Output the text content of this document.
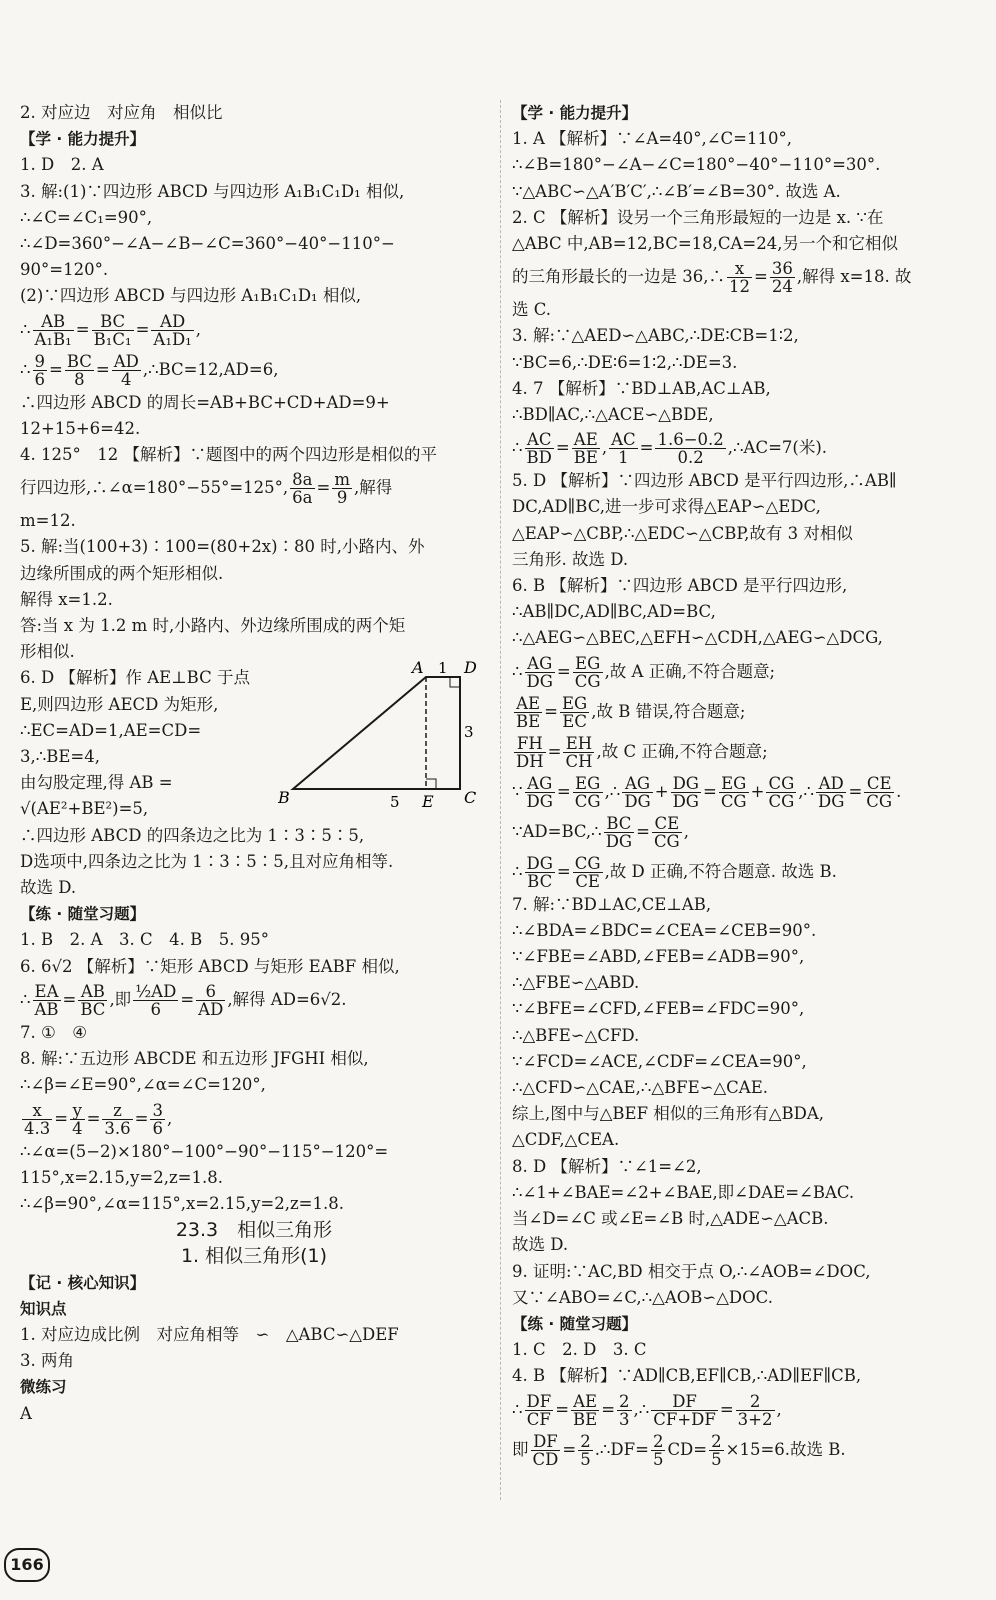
2. 对应边　对应角　相似比
【学 · 能力提升】
1. D　2. A
3. 解:(1)∵四边形 ABCD 与四边形 A₁B₁C₁D₁ 相似,
∴∠C=∠C₁=90°,
∴∠D=360°−∠A−∠B−∠C=360°−40°−110°−
90°=120°.
(2)∵四边形 ABCD 与四边形 A₁B₁C₁D₁ 相似,
∴ $\frac{AB}{\text{A₁B₁}} = \frac{BC}{\text{B₁C₁}} = \frac{AD}{\text{A₁D₁}}$ ,
∴ $\frac{9}{6} = \frac{BC}{8} = \frac{AD}{4}$ ,∴BC=12,AD=6,
∴四边形 ABCD 的周长=AB+BC+CD+AD=9+
12+15+6=42.
4. 125°　12 【解析】∵题图中的两个四边形是相似的平
行四边形,∴∠α=180°−55°=125°, $\frac{8a}{6a} = \frac{m}{9}$ ,解得
m=12.
5. 解:当(100+3)∶100=(80+2x)∶80 时,小路内、外
边缘所围成的两个矩形相似.
解得 x=1.2.
答:当 x 为 1.2 m 时,小路内、外边缘所围成的两个矩
形相似.
6. D 【解析】作 AE⊥BC 于点
E,则四边形 AECD 为矩形,
∴EC=AD=1,AE=CD=
3,∴BE=4,
由勾股定理,得 AB =
√(AE²+BE²)=5,
A 1 D
3
B	5 E C
∴四边形 ABCD 的四条边之比为 1∶3∶5∶5,
D选项中,四条边之比为 1∶3∶5∶5,且对应角相等.
故选 D.
【练 · 随堂习题】
1. B　2. A　3. C　4. B　5. 95°
6. 6√2 【解析】∵矩形 ABCD 与矩形 EABF 相似,
∴ $\frac{EA}{AB} = \frac{AB}{BC}$ ,即 $\frac{\text{½AD}}{6} = \frac{6}{AD}$ ,解得 AD=6√2.
7. ①　④
8. 解:∵五边形 ABCDE 和五边形 JFGHI 相似,
∴∠β=∠E=90°,∠α=∠C=120°,
$\frac{x}{4.3} = \frac{y}{4} = \frac{z}{3.6} = \frac{3}{6}$ ,
∴∠α=(5−2)×180°−100°−90°−115°−120°=
115°,x=2.15,y=2,z=1.8.
∴∠β=90°,∠α=115°,x=2.15,y=2,z=1.8.
23.3　相似三角形
1. 相似三角形(1)
【记 · 核心知识】
知识点
1. 对应边成比例　对应角相等　∽　△ABC∽△DEF
3. 两角
微练习
A
【学 · 能力提升】
1. A 【解析】∵∠A=40°,∠C=110°,
∴∠B=180°−∠A−∠C=180°−40°−110°=30°.
∵△ABC∽△A′B′C′,∴∠B′=∠B=30°. 故选 A.
2. C 【解析】设另一个三角形最短的一边是 x. ∵在
△ABC 中,AB=12,BC=18,CA=24,另一个和它相似
的三角形最长的一边是 36,∴ $\frac{x}{12} = \frac{36}{24}$ ,解得 x=18. 故
选 C.
3. 解:∵△AED∽△ABC,∴DE∶CB=1∶2,
∵BC=6,∴DE∶6=1∶2,∴DE=3.
4. 7 【解析】∵BD⊥AB,AC⊥AB,
∴BD∥AC,∴△ACE∽△BDE,
∴ $\frac{AC}{BD} = \frac{AE}{BE}$ , $\frac{AC}{1} = \frac{1.6-0.2}{0.2}$ ,∴AC=7(米).
5. D 【解析】∵四边形 ABCD 是平行四边形,∴AB∥
DC,AD∥BC,进一步可求得△EAP∽△EDC,
△EAP∽△CBP,∴△EDC∽△CBP,故有 3 对相似
三角形. 故选 D.
6. B 【解析】∵四边形 ABCD 是平行四边形,
∴AB∥DC,AD∥BC,AD=BC,
∴△AEG∽△BEC,△EFH∽△CDH,△AEG∽△DCG,
∴ $\frac{AG}{DG} = \frac{EG}{CG}$ ,故 A 正确,不符合题意;
$\frac{AE}{BE} = \frac{EG}{EC}$ ,故 B 错误,符合题意;
$\frac{FH}{DH} = \frac{EH}{CH}$ ,故 C 正确,不符合题意;
∵ $\frac{AG}{DG} = \frac{EG}{CG}$ ,∴ $\frac{AG}{DG} + \frac{DG}{DG} = \frac{EG}{CG} + \frac{CG}{CG}$ ,∴ $\frac{AD}{DG} = \frac{CE}{CG}$ .
∵AD=BC,∴ $\frac{BC}{DG} = \frac{CE}{CG}$ ,
∴ $\frac{DG}{BC} = \frac{CG}{CE}$ ,故 D 正确,不符合题意. 故选 B.
7. 解:∵BD⊥AC,CE⊥AB,
∴∠BDA=∠BDC=∠CEA=∠CEB=90°.
∵∠FBE=∠ABD,∠FEB=∠ADB=90°,
∴△FBE∽△ABD.
∵∠BFE=∠CFD,∠FEB=∠FDC=90°,
∴△BFE∽△CFD.
∵∠FCD=∠ACE,∠CDF=∠CEA=90°,
∴△CFD∽△CAE,∴△BFE∽△CAE.
综上,图中与△BEF 相似的三角形有△BDA,
△CDF,△CEA.
8. D 【解析】∵∠1=∠2,
∴∠1+∠BAE=∠2+∠BAE,即∠DAE=∠BAC.
当∠D=∠C 或∠E=∠B 时,△ADE∽△ACB.
故选 D.
9. 证明:∵AC,BD 相交于点 O,∴∠AOB=∠DOC,
又∵∠ABO=∠C,∴△AOB∽△DOC.
【练 · 随堂习题】
1. C　2. D　3. C
4. B 【解析】∵AD∥CB,EF∥CB,∴AD∥EF∥CB,
∴ $\frac{DF}{CF} = \frac{AE}{BE} = \frac{2}{3}$ ,∴ $\frac{DF}{CF+DF} = \frac{2}{3+2}$ ,
即 $\frac{DF}{CD} = \frac{2}{5}$ .∴DF= $\frac{2}{5} CD= \frac{2}{5} \times 15=6$.故选 B.
166
